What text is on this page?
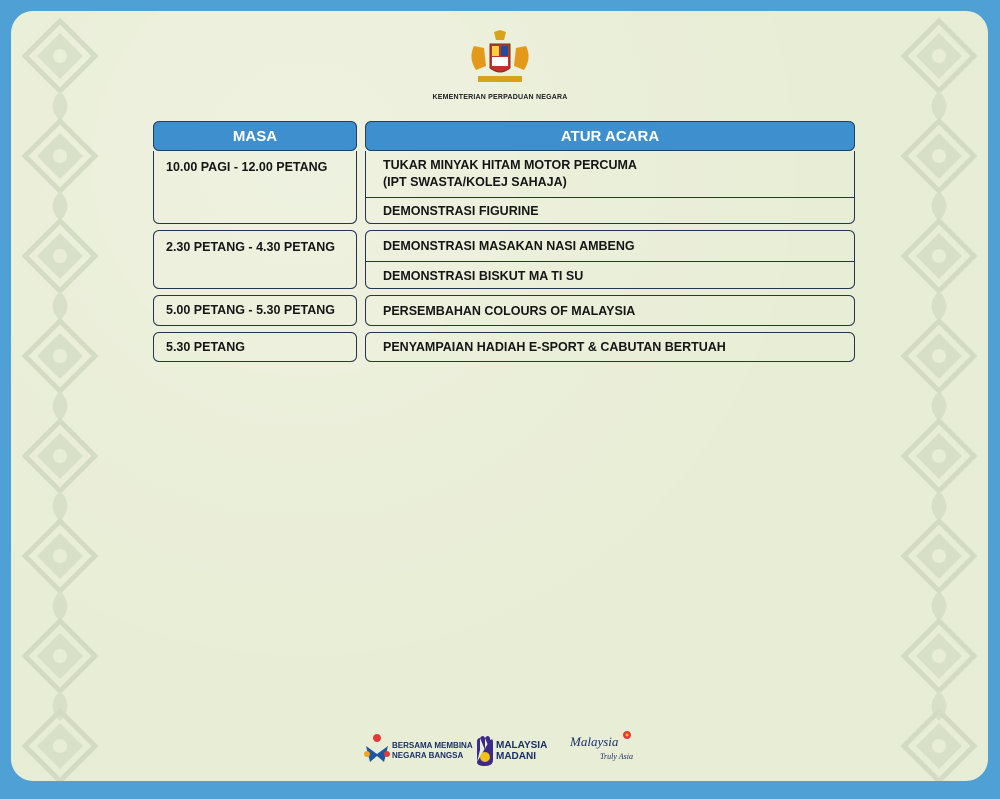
KEMENTERIAN PERPADUAN NEGARA
MASA	ATUR ACARA
10.00 PAGI - 12.00 PETANG	TUKAR MINYAK HITAM MOTOR PERCUMA
(IPT SWASTA/KOLEJ SAHAJA)
DEMONSTRASI FIGURINE
2.30 PETANG - 4.30 PETANG	DEMONSTRASI MASAKAN NASI AMBENG
DEMONSTRASI BISKUT MA TI SU
5.00 PETANG - 5.30 PETANG	PERSEMBAHAN COLOURS OF MALAYSIA
5.30 PETANG	PENYAMPAIAN HADIAH E-SPORT & CABUTAN BERTUAH
BERSAMA MEMBINA
NEGARA BANGSA
MALAYSIA
MADANI
Malaysia
Truly Asia
